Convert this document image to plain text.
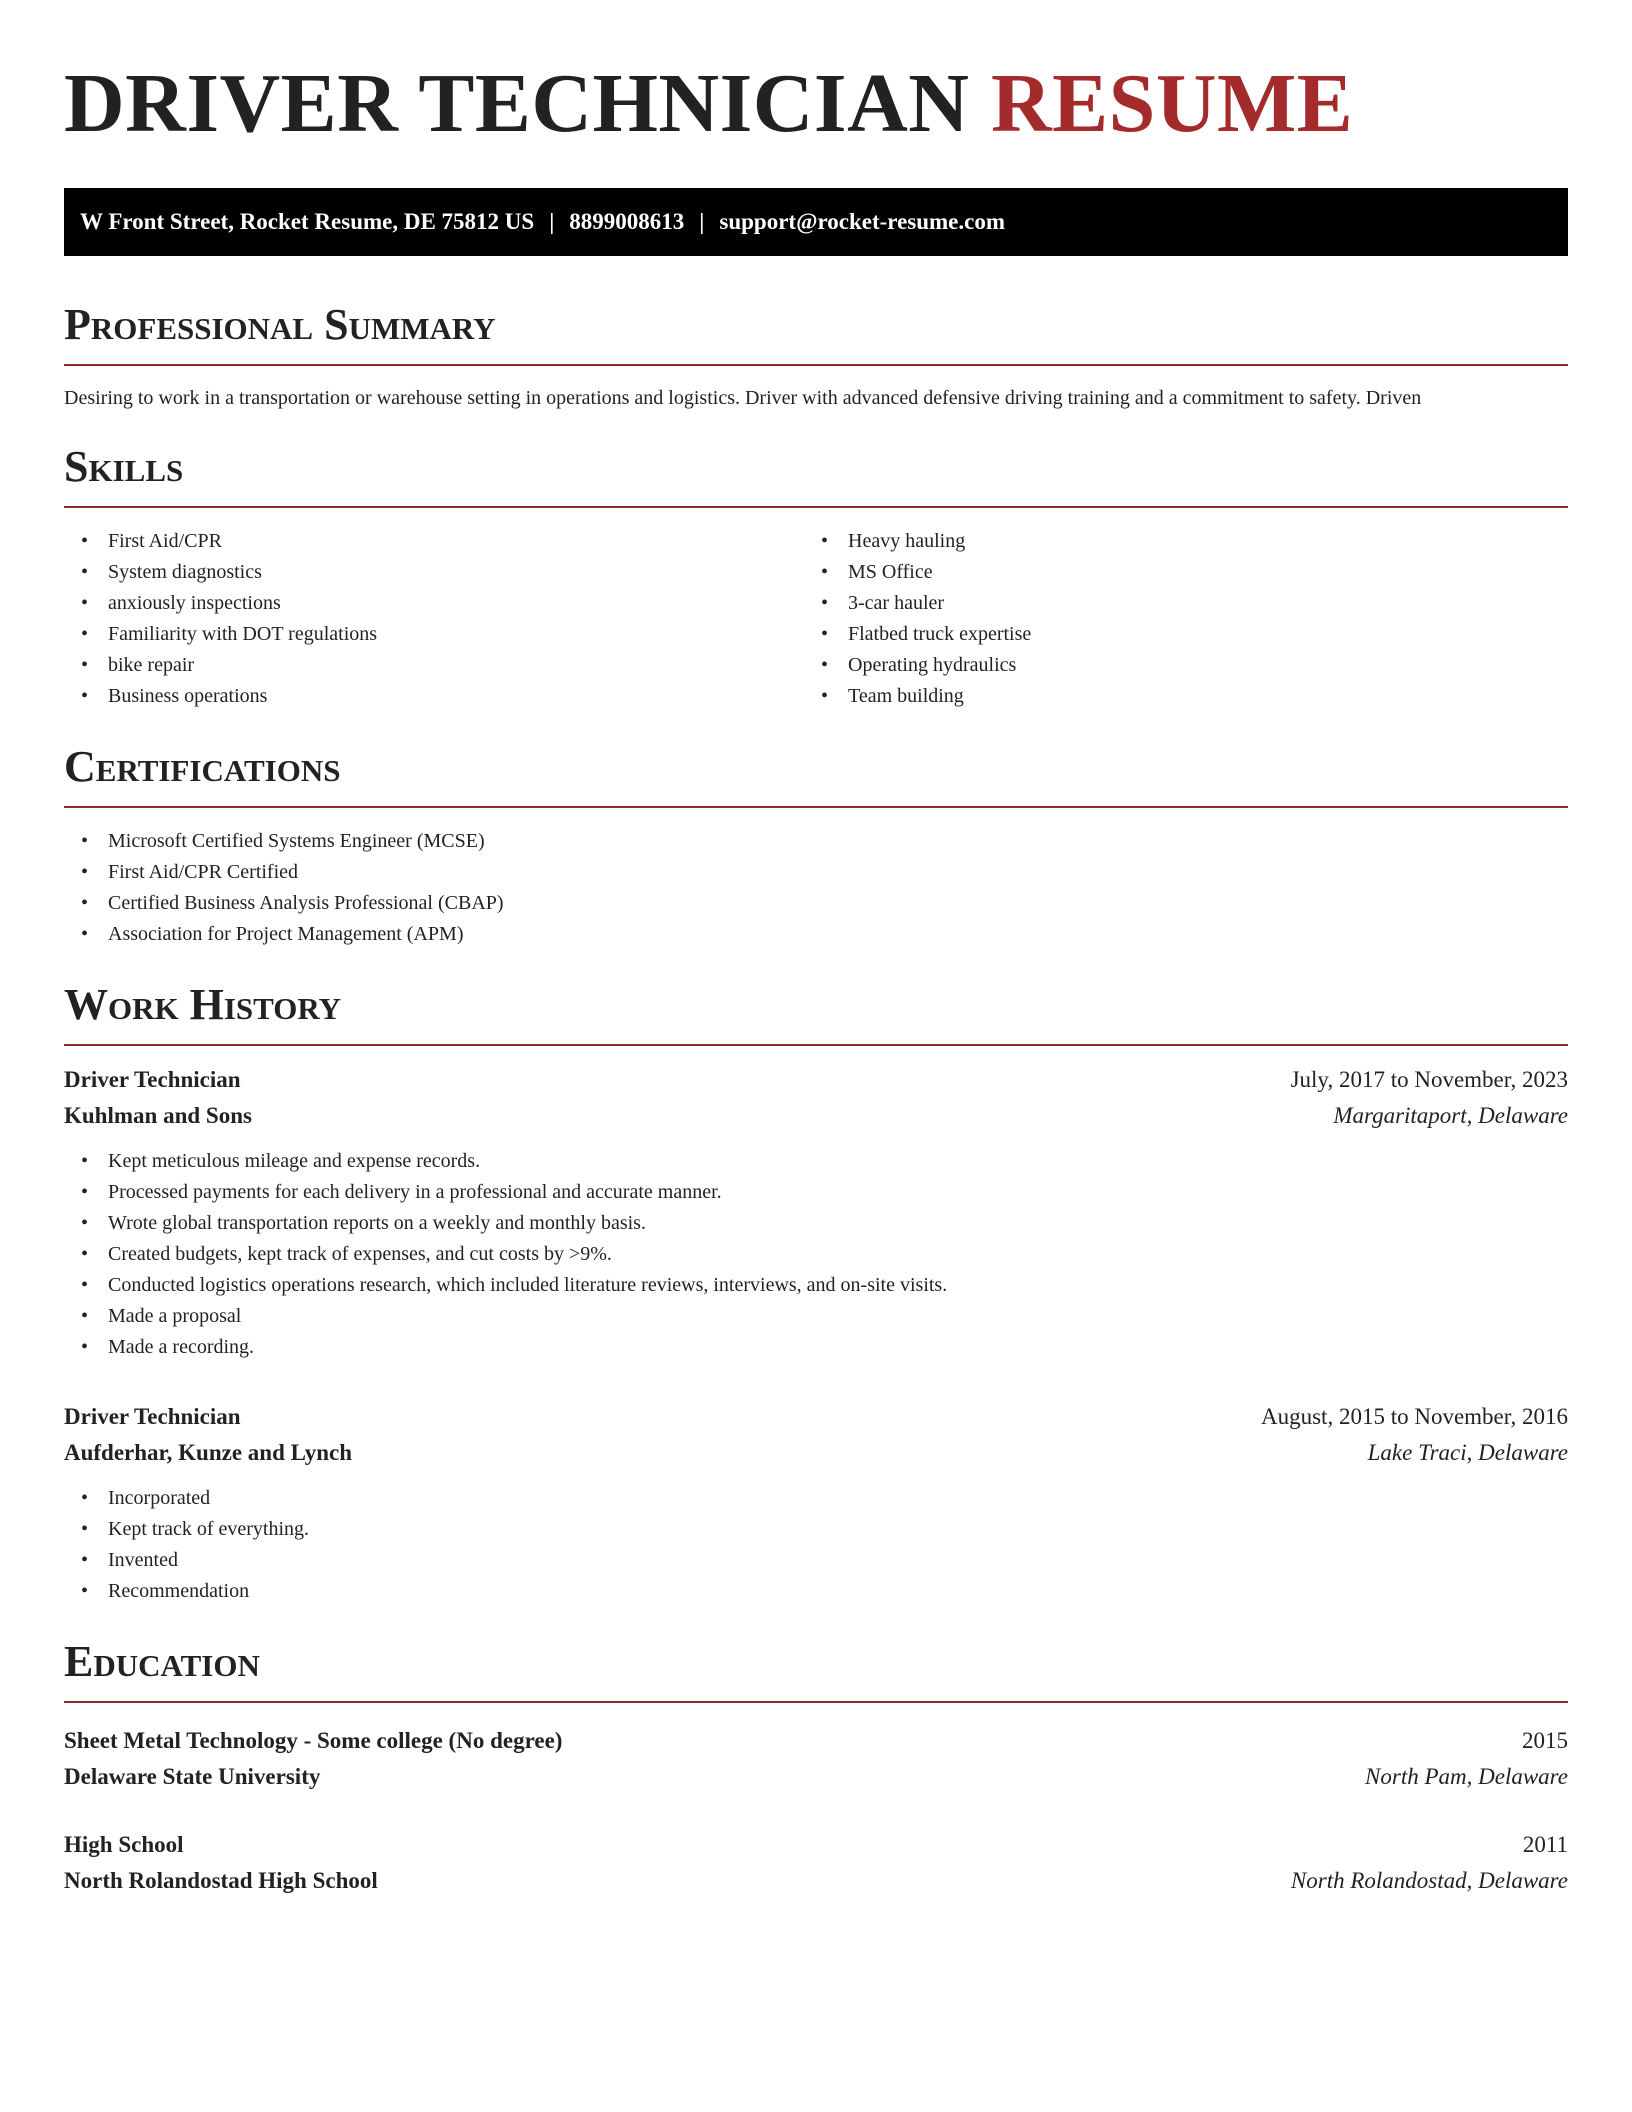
DRIVER TECHNICIAN RESUME
W Front Street, Rocket Resume, DE 75812 US | 8899008613 | support@rocket-resume.com
Professional Summary
Desiring to work in a transportation or warehouse setting in operations and logistics. Driver with advanced defensive driving training and a commitment to safety. Driven
Skills
• First Aid/CPR
• System diagnostics
• anxiously inspections
• Familiarity with DOT regulations
• bike repair
• Business operations
• Heavy hauling
• MS Office
• 3-car hauler
• Flatbed truck expertise
• Operating hydraulics
• Team building
Certifications
• Microsoft Certified Systems Engineer (MCSE)
• First Aid/CPR Certified
• Certified Business Analysis Professional (CBAP)
• Association for Project Management (APM)
Work History
Driver Technician	July, 2017 to November, 2023
Kuhlman and Sons	Margaritaport, Delaware
• Kept meticulous mileage and expense records.
• Processed payments for each delivery in a professional and accurate manner.
• Wrote global transportation reports on a weekly and monthly basis.
• Created budgets, kept track of expenses, and cut costs by >9%.
• Conducted logistics operations research, which included literature reviews, interviews, and on-site visits.
• Made a proposal
• Made a recording.
Driver Technician	August, 2015 to November, 2016
Aufderhar, Kunze and Lynch	Lake Traci, Delaware
• Incorporated
• Kept track of everything.
• Invented
• Recommendation
Education
Sheet Metal Technology - Some college (No degree)	2015
Delaware State University	North Pam, Delaware
High School	2011
North Rolandostad High School	North Rolandostad, Delaware
